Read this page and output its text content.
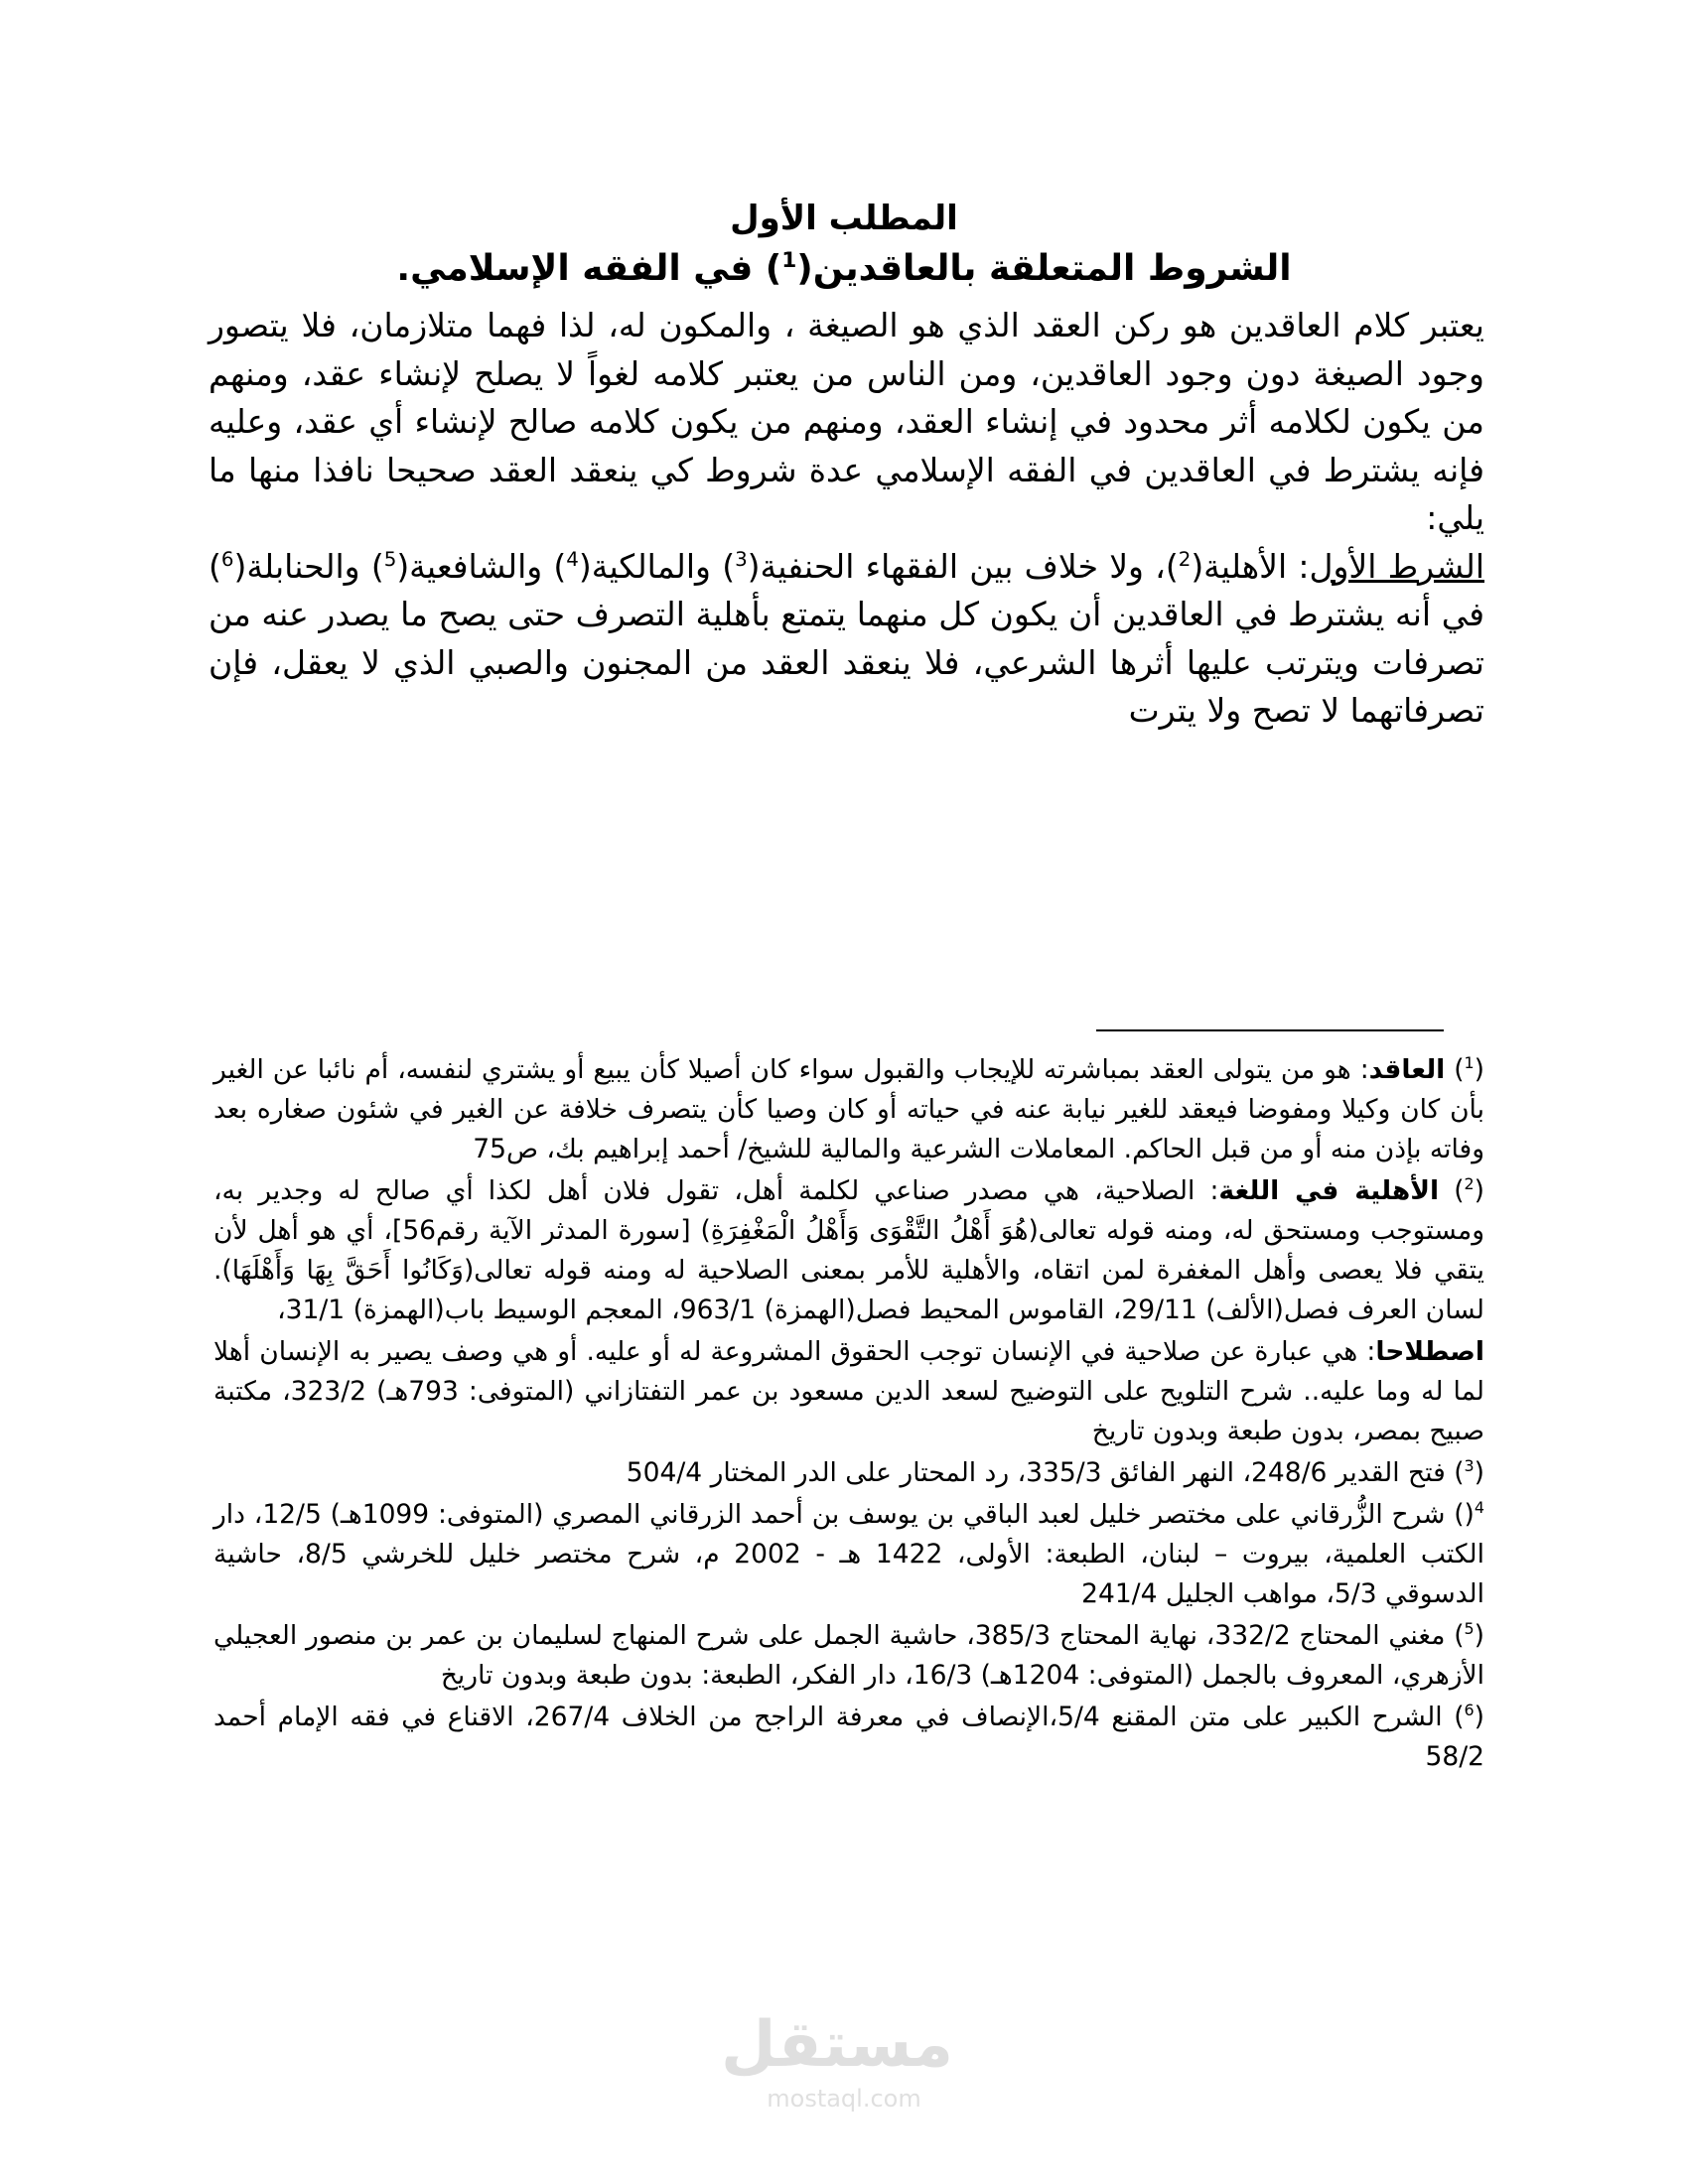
المطلب الأول
الشروط المتعلقة بالعاقدين($^1$) في الفقه الإسلامي.

يعتبر كلام العاقدين هو ركن العقد الذي هو الصيغة ، والمكون له، لذا فهما متلازمان، فلا يتصور وجود الصيغة دون وجود العاقدين، ومن الناس من يعتبر كلامه لغواً لا يصلح لإنشاء عقد، ومنهم من يكون لكلامه أثر محدود في إنشاء العقد، ومنهم من يكون كلامه صالح لإنشاء أي عقد، وعليه فإنه يشترط في العاقدين في الفقه الإسلامي عدة شروط كي ينعقد العقد صحيحا نافذا منها ما يلي:

الشرط الأول: الأهلية($^2$)، ولا خلاف بين الفقهاء الحنفية($^3$) والمالكية($^4$) والشافعية($^5$) والحنابلة($^6$) في أنه يشترط في العاقدين أن يكون كل منهما يتمتع بأهلية التصرف حتى يصح ما يصدر عنه من تصرفات ويترتب عليها أثرها الشرعي، فلا ينعقد العقد من المجنون والصبي الذي لا يعقل، فإن تصرفاتهما لا تصح ولا يترت

($^1$) العاقد: هو من يتولى العقد بمباشرته للإيجاب والقبول سواء كان أصيلا كأن يبيع أو يشتري لنفسه، أم نائبا عن الغير بأن كان وكيلا ومفوضا فيعقد للغير نيابة عنه في حياته أو كان وصيا كأن يتصرف خلافة عن الغير في شئون صغاره بعد وفاته بإذن منه أو من قبل الحاكم. المعاملات الشرعية والمالية للشيخ/ أحمد إبراهيم بك، ص75

($^2$) الأهلية في اللغة: الصلاحية، هي مصدر صناعي لكلمة أهل، تقول فلان أهل لكذا أي صالح له وجدير به، ومستوجب ومستحق له، ومنه قوله تعالى(هُوَ أَهْلُ التَّقْوَى وَأَهْلُ الْمَغْفِرَةِ) [سورة المدثر الآية رقم56]، أي هو أهل لأن يتقي فلا يعصى وأهل المغفرة لمن اتقاه، والأهلية للأمر بمعنى الصلاحية له ومنه قوله تعالى(وَكَانُوا أَحَقَّ بِهَا وَأَهْلَهَا). لسان العرف فصل(الألف) 29/11، القاموس المحيط فصل(الهمزة) 963/1، المعجم الوسيط باب(الهمزة) 31/1،

اصطلاحا: هي عبارة عن صلاحية في الإنسان توجب الحقوق المشروعة له أو عليه. أو هي وصف يصير به الإنسان أهلا لما له وما عليه.. شرح التلويح على التوضيح لسعد الدين مسعود بن عمر التفتازاني (المتوفى: 793هـ) 323/2، مكتبة صبيح بمصر، بدون طبعة وبدون تاريخ

($^3$) فتح القدير 248/6، النهر الفائق 335/3، رد المحتار على الدر المختار 504/4

$^4$() شرح الزُّرقاني على مختصر خليل لعبد الباقي بن يوسف بن أحمد الزرقاني المصري (المتوفى: 1099هـ) 12/5، دار الكتب العلمية، بيروت – لبنان، الطبعة: الأولى، 1422 هـ - 2002 م، شرح مختصر خليل للخرشي 8/5، حاشية الدسوقي 5/3، مواهب الجليل 241/4

($^5$) مغني المحتاج 332/2، نهاية المحتاج 385/3، حاشية الجمل على شرح المنهاج لسليمان بن عمر بن منصور العجيلي الأزهري، المعروف بالجمل (المتوفى: 1204هـ) 16/3، دار الفكر، الطبعة: بدون طبعة وبدون تاريخ

($^6$) الشرح الكبير على متن المقنع 5/4،الإنصاف في معرفة الراجح من الخلاف 267/4، الاقناع في فقه الإمام أحمد 58/2

مستقل
mostaql.com
